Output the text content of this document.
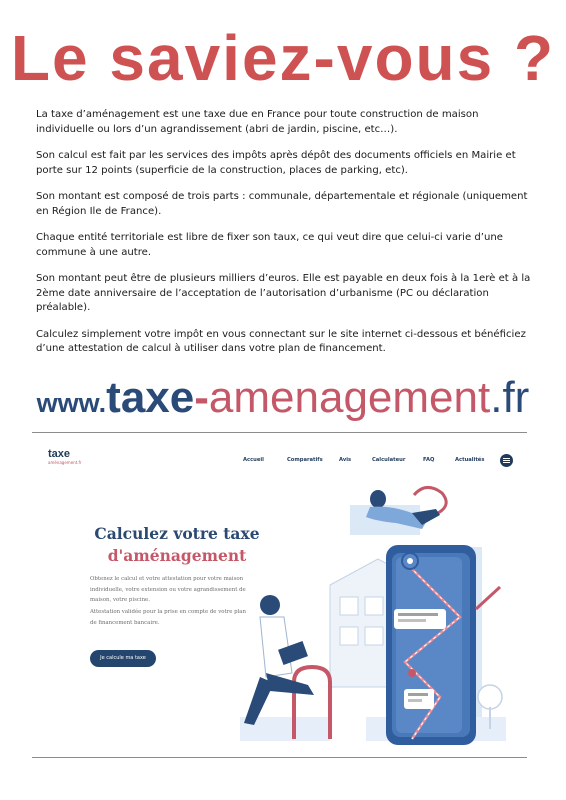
Le saviez-vous ?

La taxe d’aménagement est une taxe due en France pour toute construction de maison individuelle ou lors d’un agrandissement (abri de jardin, piscine, etc…).

Son calcul est fait par les services des impôts après dépôt des documents officiels en Mairie et porte sur 12 points (superficie de la construction, places de parking, etc).

Son montant est composé de trois parts : communale, départementale et régionale (uniquement en Région Ile de France).

Chaque entité territoriale est libre de fixer son taux, ce qui veut dire que celui-ci varie d’une commune à une autre.

Son montant peut être de plusieurs milliers d’euros. Elle est payable en deux fois à la 1erè et à la 2ème date anniversaire de l’acceptation de l’autorisation d’urbanisme (PC ou déclaration préalable).

Calculez simplement votre impôt en vous connectant sur le site internet ci-dessous et bénéficiez d’une attestation de calcul à utiliser dans votre plan de financement.

www.taxe-amenagement.fr
taxe
aménagement.fr	Accueil	Comparatifs	Avis	Calculateur	FAQ	Actualités
Calculez votre taxe
d'aménagement

Obtenez le calcul et votre attestation pour votre maison individuelle, votre extension ou votre agrandissement de maison, votre piscine.

Attestation validée pour la prise en compte de votre plan de financement bancaire.

Je calcule ma taxe
